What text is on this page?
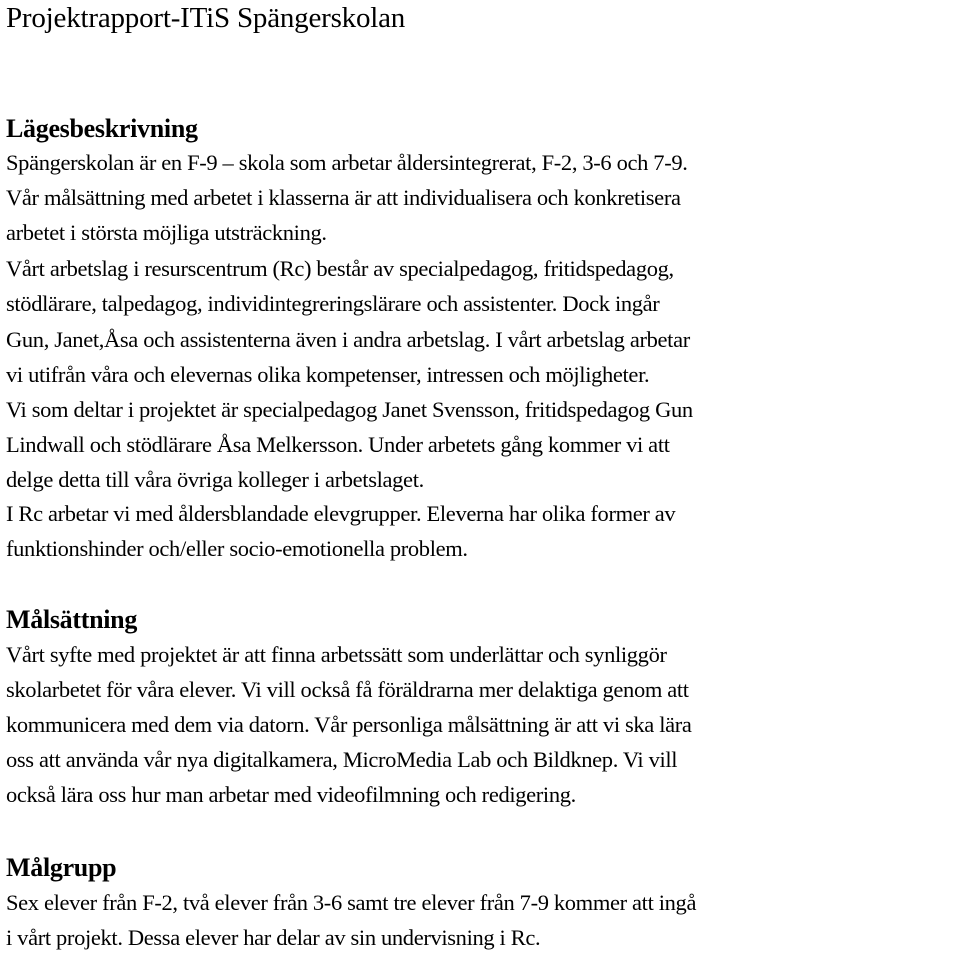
Projektrapport-ITiS Spängerskolan
Lägesbeskrivning
Spängerskolan är en F-9 – skola som arbetar åldersintegrerat, F-2, 3-6 och 7-9.
Vår målsättning med arbetet i klasserna är att individualisera och konkretisera
arbetet i största möjliga utsträckning.
Vårt arbetslag i resurscentrum (Rc) består av specialpedagog, fritidspedagog,
stödlärare, talpedagog, individintegreringslärare och assistenter. Dock ingår
Gun, Janet,Åsa och assistenterna även i andra arbetslag. I vårt arbetslag arbetar
vi utifrån våra och elevernas olika kompetenser, intressen och möjligheter.
Vi som deltar i projektet är specialpedagog Janet Svensson, fritidspedagog Gun
Lindwall och stödlärare Åsa Melkersson. Under arbetets gång kommer vi att
delge detta till våra övriga kolleger i arbetslaget.
I Rc arbetar vi med åldersblandade elevgrupper. Eleverna har olika former av
funktionshinder och/eller socio-emotionella problem.
Målsättning
Vårt syfte med projektet är att finna arbetssätt som underlättar och synliggör
skolarbetet för våra elever. Vi vill också få föräldrarna mer delaktiga genom att
kommunicera med dem via datorn. Vår personliga målsättning är att vi ska lära
oss att använda vår nya digitalkamera, MicroMedia Lab och Bildknep. Vi vill
också lära oss hur man arbetar med videofilmning och redigering.
Målgrupp
Sex elever från F-2, två elever från 3-6 samt tre elever från 7-9 kommer att ingå
i vårt projekt. Dessa elever har delar av sin undervisning i Rc.
